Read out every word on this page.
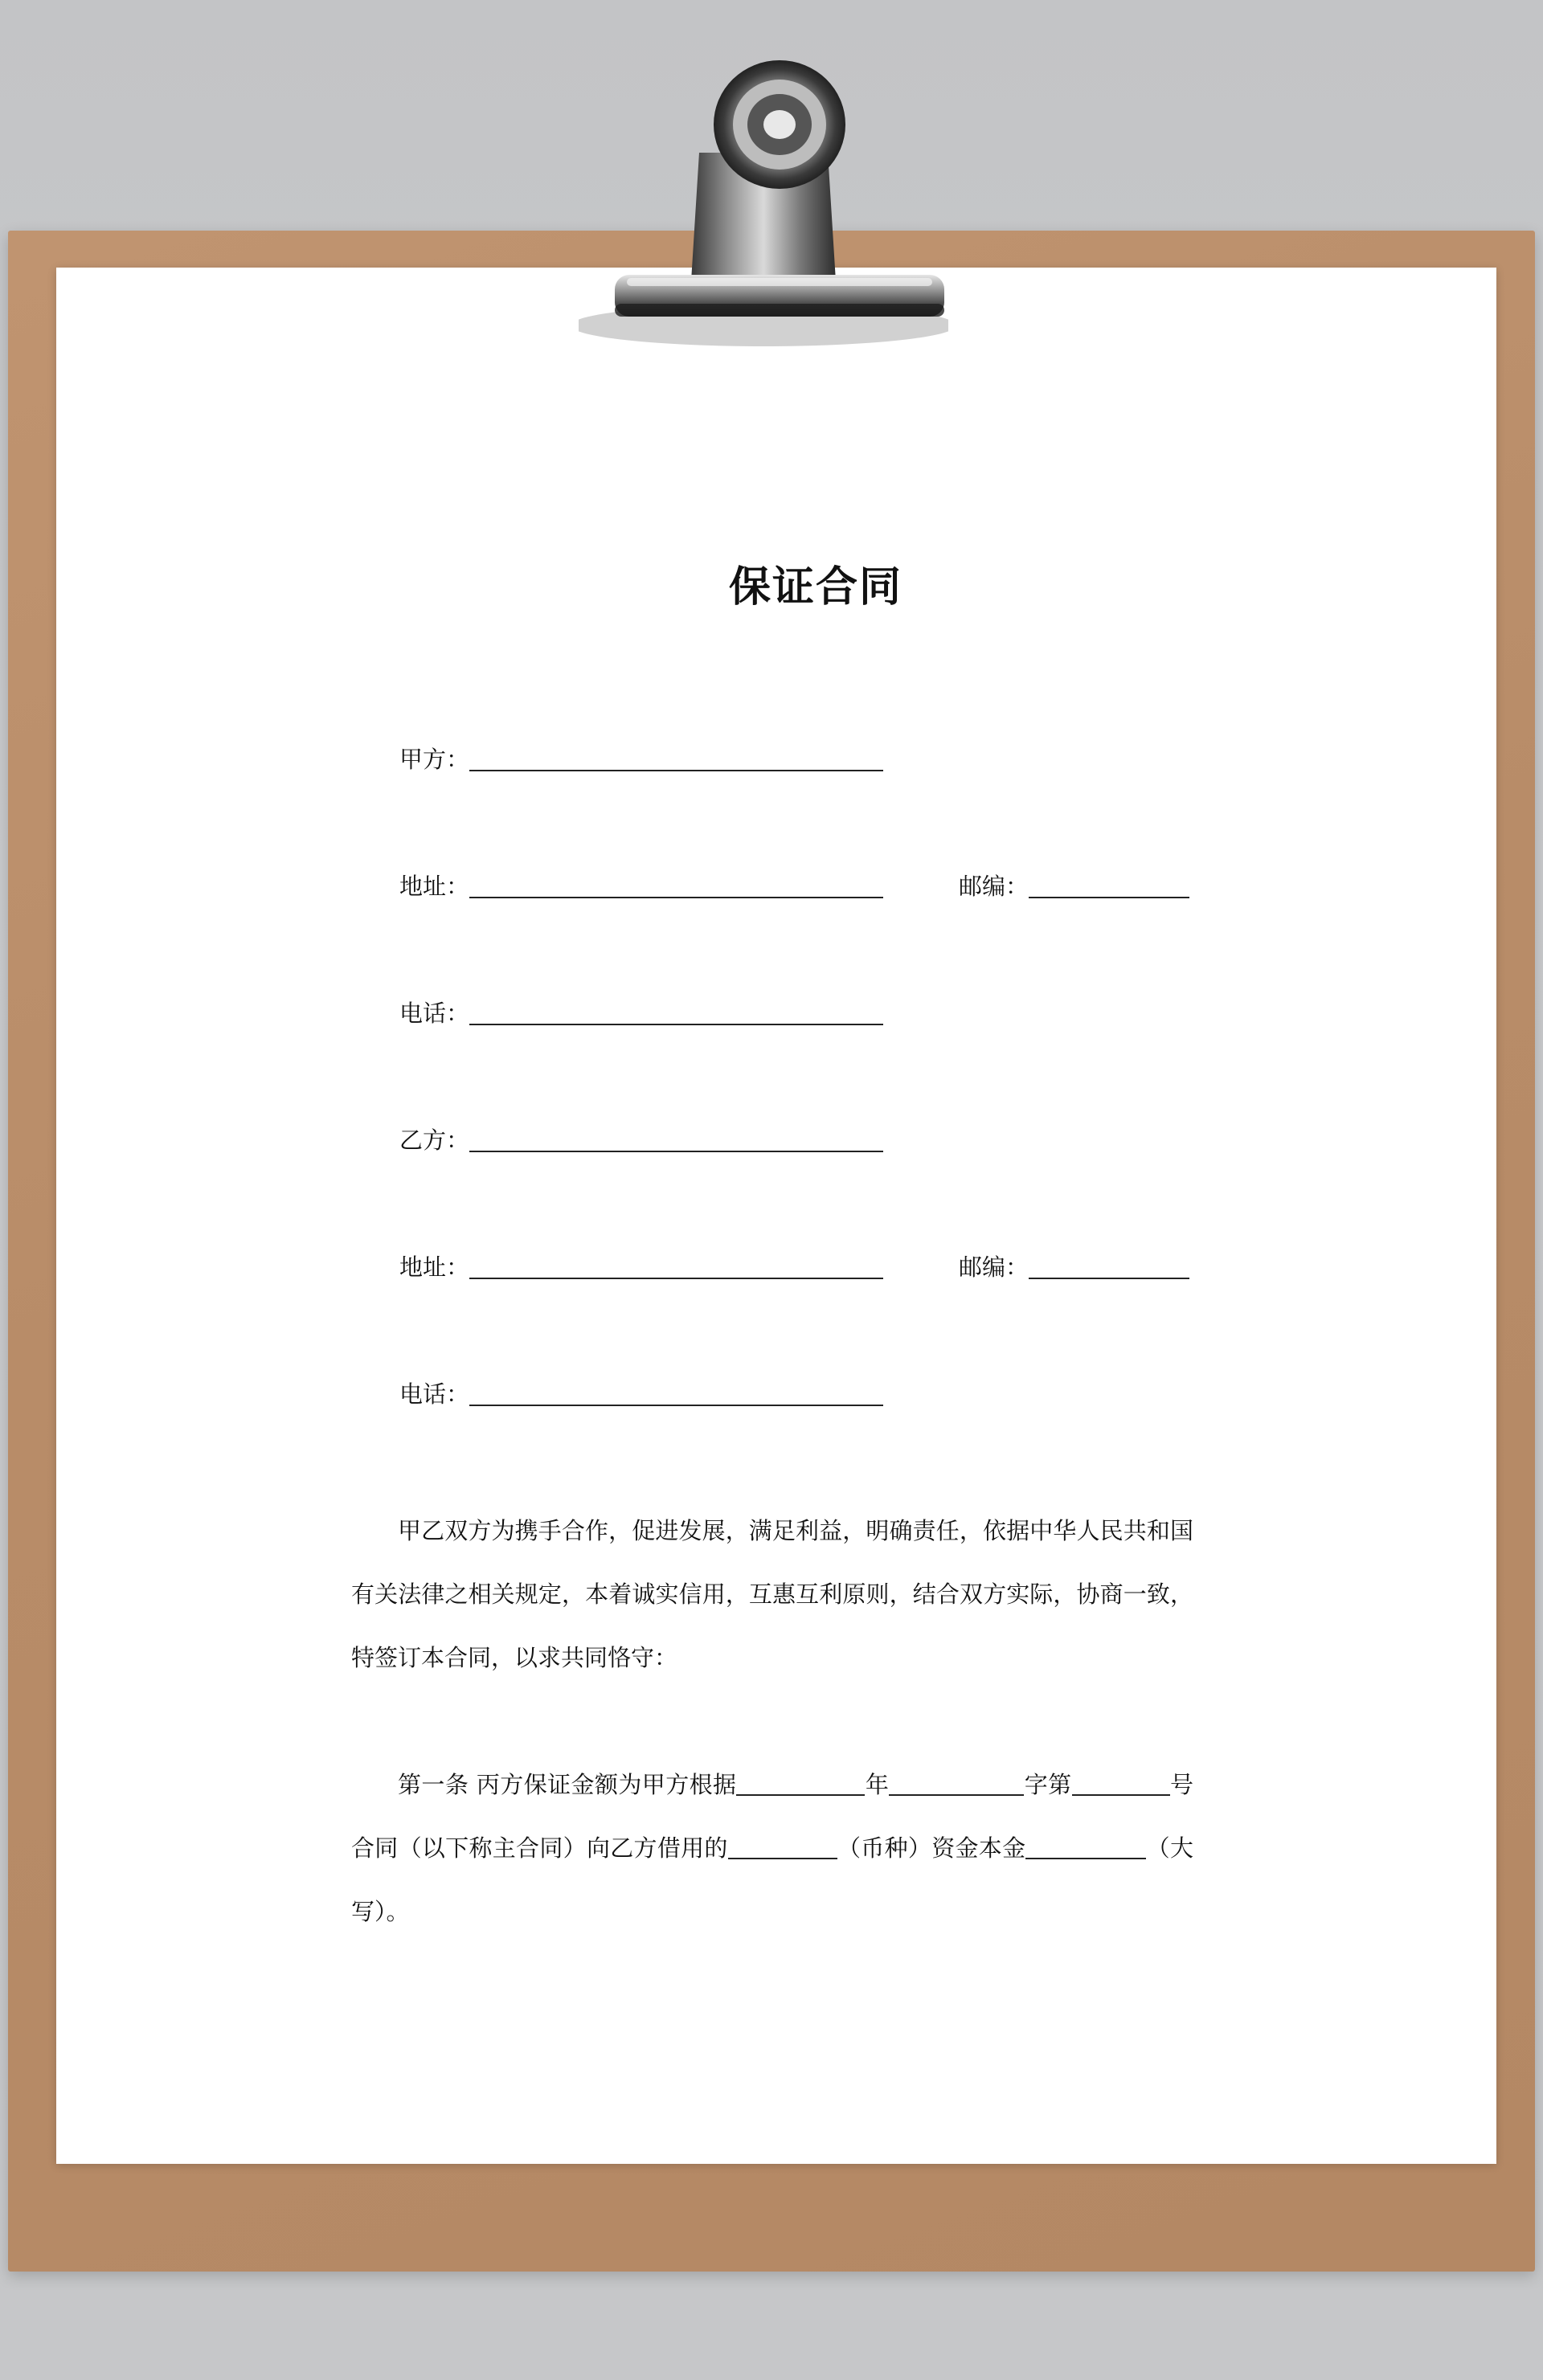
保证合同
甲方：
地址：	邮编：
电话：
乙方：
地址：	邮编：
电话：

甲乙双方为携手合作，促进发展，满足利益，明确责任，依据中华人民共和国有关法律之相关规定，本着诚实信用，互惠互利原则，结合双方实际，协商一致，特签订本合同，以求共同恪守：

第一条 丙方保证金额为甲方根据	年	字第	号合同（以下称主合同）向乙方借用的	（币种）资金本金	（大写）。
